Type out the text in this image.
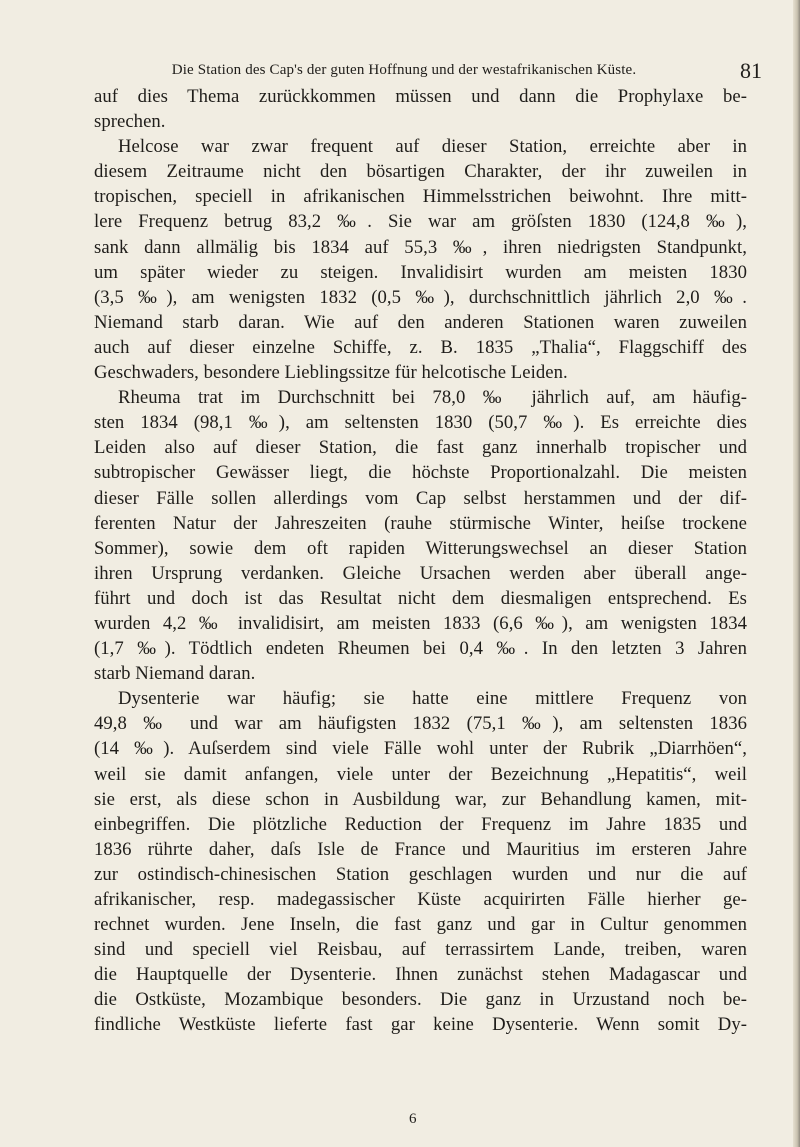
Die Station des Cap's der guten Hoffnung und der westafrikanischen Küste.	81
auf dies Thema zurückkommen müssen und dann die Prophylaxe be-
sprechen.
Helcose war zwar frequent auf dieser Station, erreichte aber in
diesem Zeitraume nicht den bösartigen Charakter, der ihr zuweilen in
tropischen, speciell in afrikanischen Himmelsstrichen beiwohnt. Ihre mitt-
lere Frequenz betrug 83,2 ‰. Sie war am gröſsten 1830 (124,8 ‰),
sank dann allmälig bis 1834 auf 55,3 ‰, ihren niedrigsten Standpunkt,
um später wieder zu steigen. Invalidisirt wurden am meisten 1830
(3,5 ‰), am wenigsten 1832 (0,5 ‰), durchschnittlich jährlich 2,0 ‰.
Niemand starb daran. Wie auf den anderen Stationen waren zuweilen
auch auf dieser einzelne Schiffe, z. B. 1835 „Thalia“, Flaggschiff des
Geschwaders, besondere Lieblingssitze für helcotische Leiden.
Rheuma trat im Durchschnitt bei 78,0 ‰ jährlich auf, am häufig-
sten 1834 (98,1 ‰), am seltensten 1830 (50,7 ‰). Es erreichte dies
Leiden also auf dieser Station, die fast ganz innerhalb tropischer und
subtropischer Gewässer liegt, die höchste Proportionalzahl. Die meisten
dieser Fälle sollen allerdings vom Cap selbst herstammen und der dif-
ferenten Natur der Jahreszeiten (rauhe stürmische Winter, heiſse trockene
Sommer), sowie dem oft rapiden Witterungswechsel an dieser Station
ihren Ursprung verdanken. Gleiche Ursachen werden aber überall ange-
führt und doch ist das Resultat nicht dem diesmaligen entsprechend. Es
wurden 4,2 ‰ invalidisirt, am meisten 1833 (6,6 ‰), am wenigsten 1834
(1,7 ‰). Tödtlich endeten Rheumen bei 0,4 ‰. In den letzten 3 Jahren
starb Niemand daran.
Dysenterie war häufig; sie hatte eine mittlere Frequenz von
49,8 ‰ und war am häufigsten 1832 (75,1 ‰), am seltensten 1836
(14 ‰). Auſserdem sind viele Fälle wohl unter der Rubrik „Diarrhöen“,
weil sie damit anfangen, viele unter der Bezeichnung „Hepatitis“, weil
sie erst, als diese schon in Ausbildung war, zur Behandlung kamen, mit-
einbegriffen. Die plötzliche Reduction der Frequenz im Jahre 1835 und
1836 rührte daher, daſs Isle de France und Mauritius im ersteren Jahre
zur ostindisch-chinesischen Station geschlagen wurden und nur die auf
afrikanischer, resp. madegassischer Küste acquirirten Fälle hierher ge-
rechnet wurden. Jene Inseln, die fast ganz und gar in Cultur genommen
sind und speciell viel Reisbau, auf terrassirtem Lande, treiben, waren
die Hauptquelle der Dysenterie. Ihnen zunächst stehen Madagascar und
die Ostküste, Mozambique besonders. Die ganz in Urzustand noch be-
findliche Westküste lieferte fast gar keine Dysenterie. Wenn somit Dy-
6
